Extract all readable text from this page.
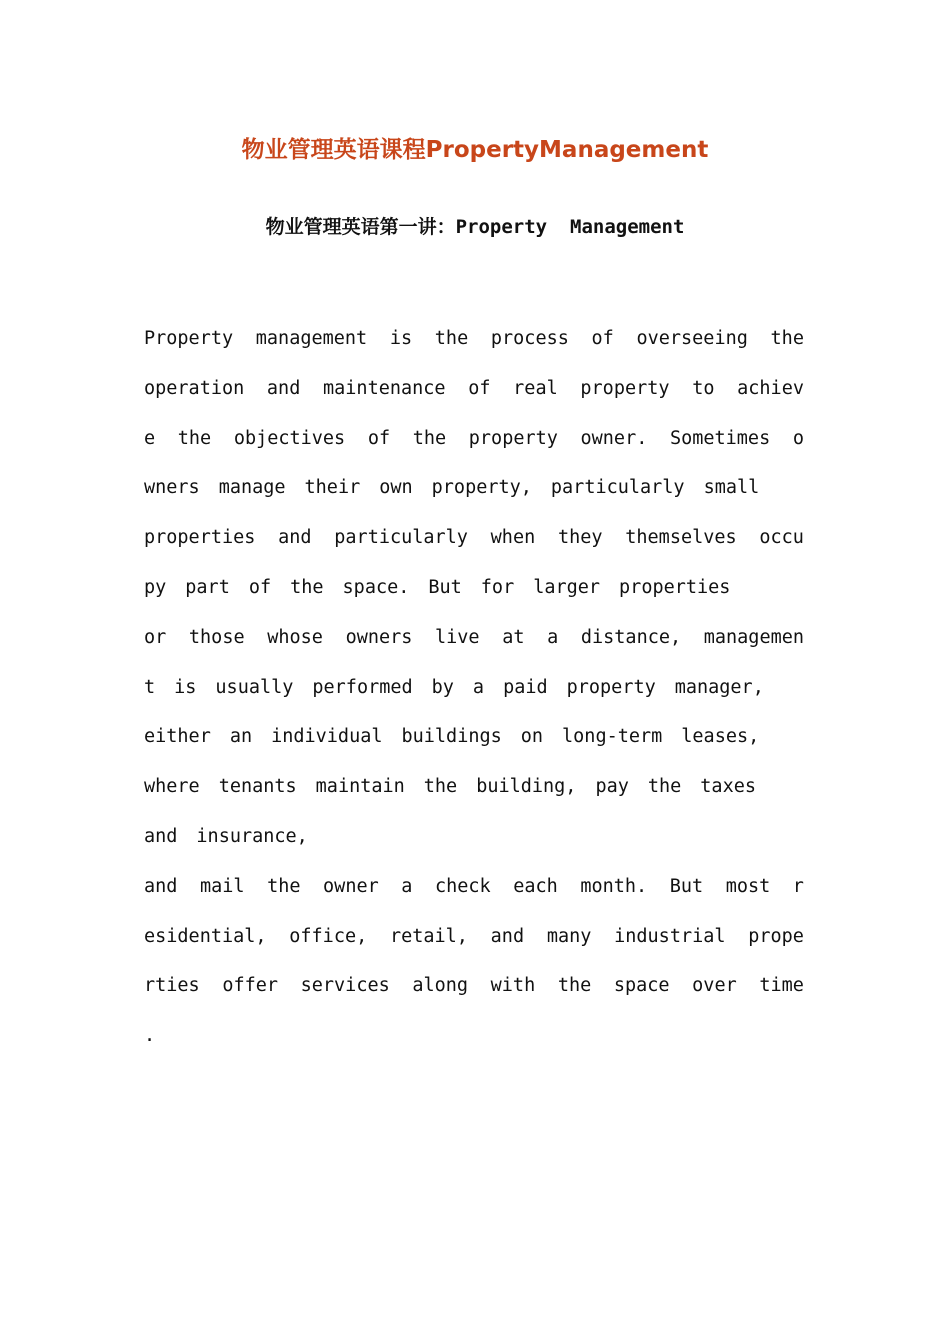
物业管理英语课程PropertyManagement
物业管理英语第一讲：Property  Management
Property management is the process of overseeing the
operation and maintenance of real property to achiev
e the objectives of the property owner. Sometimes o
wners manage their own property, particularly small
properties and particularly when they themselves occu
py part of the space. But for larger properties
or those whose owners live at a distance, managemen
t is usually performed by a paid property manager,
either an individual buildings on long-term leases,
where tenants maintain the building, pay the taxes
and insurance,
and mail the owner a check each month. But most r
esidential, office, retail, and many industrial prope
rties offer services along with the space over time
.
